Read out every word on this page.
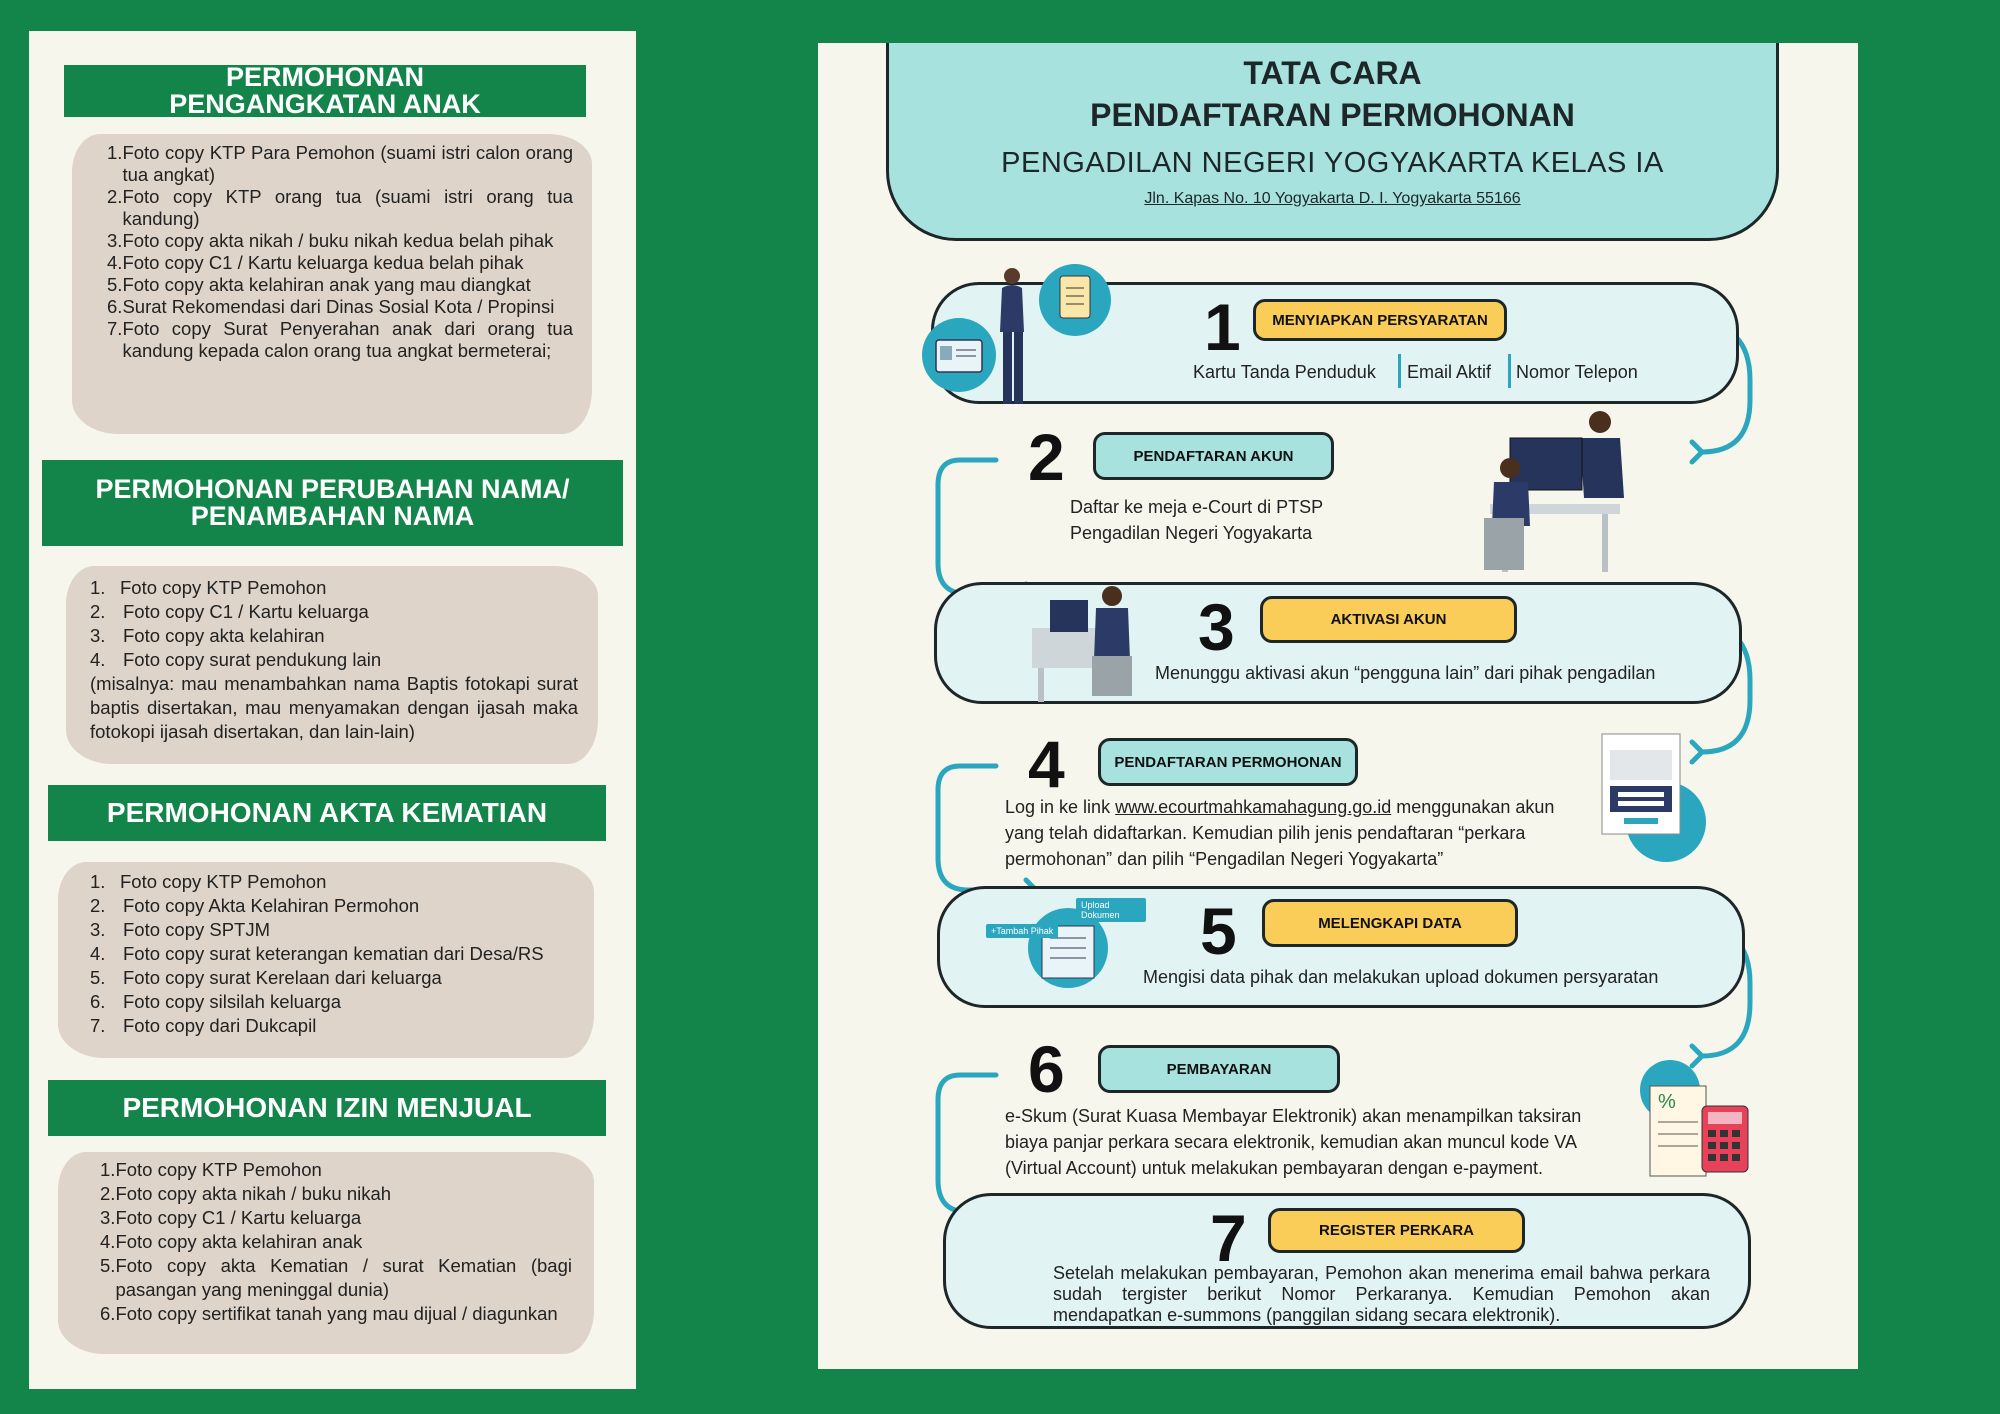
PERMOHONAN
PENGANGKATAN ANAK
1. Foto copy KTP Para Pemohon (suami istri calon orang tua angkat)
2. Foto copy KTP orang tua (suami istri orang tua kandung)
3. Foto copy akta nikah / buku nikah kedua belah pihak
4. Foto copy C1 / Kartu keluarga kedua belah pihak
5. Foto copy akta kelahiran anak yang mau diangkat
6. Surat Rekomendasi dari Dinas Sosial Kota / Propinsi
7. Foto copy Surat Penyerahan anak dari orang tua kandung kepada calon orang tua angkat bermeterai;
PERMOHONAN PERUBAHAN NAMA/
PENAMBAHAN NAMA
1. Foto copy KTP Pemohon
2. Foto copy C1 / Kartu keluarga
3. Foto copy akta kelahiran
4. Foto copy surat pendukung lain
(misalnya: mau menambahkan nama Baptis fotokapi surat baptis disertakan, mau menyamakan dengan ijasah maka fotokopi ijasah disertakan, dan lain-lain)
PERMOHONAN AKTA KEMATIAN
1. Foto copy KTP Pemohon
2. Foto copy Akta Kelahiran Permohon
3. Foto copy SPTJM
4. Foto copy surat keterangan kematian dari Desa/RS
5. Foto copy surat Kerelaan dari keluarga
6. Foto copy silsilah keluarga
7. Foto copy dari Dukcapil
PERMOHONAN IZIN MENJUAL
1. Foto copy KTP Pemohon
2. Foto copy akta nikah / buku nikah
3. Foto copy C1 / Kartu keluarga
4. Foto copy akta kelahiran anak
5. Foto copy akta Kematian / surat Kematian (bagi pasangan yang meninggal dunia)
6. Foto copy sertifikat tanah yang mau dijual / diagunkan
TATA CARA
PENDAFTARAN PERMOHONAN
PENGADILAN NEGERI YOGYAKARTA KELAS IA
Jln. Kapas No. 10 Yogyakarta D. I. Yogyakarta 55166
1	MENYIAPKAN PERSYARATAN
Kartu Tanda Penduduk Email Aktif Nomor Telepon
2	PENDAFTARAN AKUN
Daftar ke meja e-Court di PTSP
Pengadilan Negeri Yogyakarta
3	AKTIVASI AKUN
Menunggu aktivasi akun “pengguna lain” dari pihak pengadilan
4	PENDAFTARAN PERMOHONAN
Log in ke link www.ecourtmahkamahagung.go.id menggunakan akun
yang telah didaftarkan. Kemudian pilih jenis pendaftaran “perkara
permohonan” dan pilih “Pengadilan Negeri Yogyakarta”
Upload Dokumen
+Tambah Pihak 5	MELENGKAPI DATA
Mengisi data pihak dan melakukan upload dokumen persyaratan
6	PEMBAYARAN
e-Skum (Surat Kuasa Membayar Elektronik) akan menampilkan taksiran
biaya panjar perkara secara elektronik, kemudian akan muncul kode VA
(Virtual Account) untuk melakukan pembayaran dengan e-payment.
%
7	REGISTER PERKARA
Setelah melakukan pembayaran, Pemohon akan menerima email bahwa perkara sudah tergister berikut Nomor Perkaranya. Kemudian Pemohon akan mendapatkan e-summons (panggilan sidang secara elektronik).
